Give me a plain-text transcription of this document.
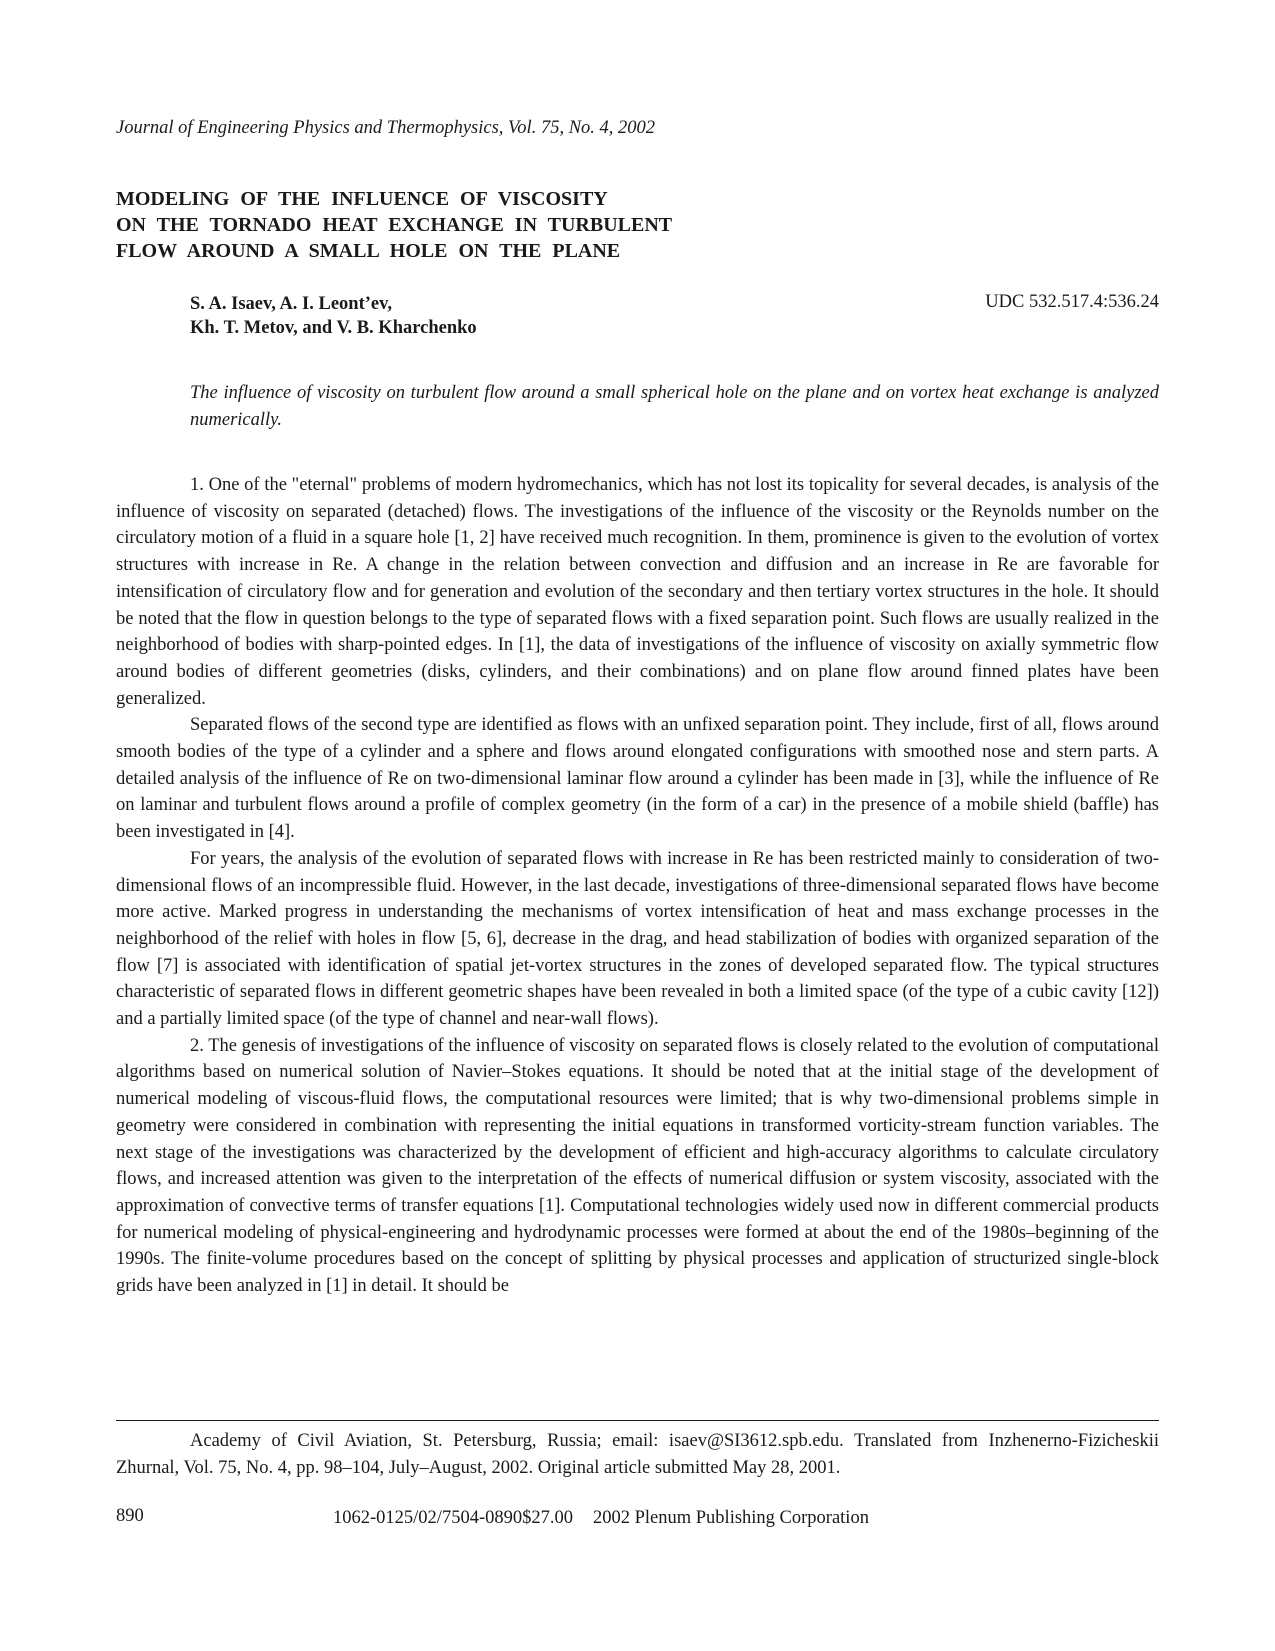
Journal of Engineering Physics and Thermophysics, Vol. 75, No. 4, 2002
MODELING OF THE INFLUENCE OF VISCOSITY
ON THE TORNADO HEAT EXCHANGE IN TURBULENT
FLOW AROUND A SMALL HOLE ON THE PLANE
S. A. Isaev, A. I. Leont’ev,
Kh. T. Metov, and V. B. Kharchenko
UDC 532.517.4:536.24
The influence of viscosity on turbulent flow around a small spherical hole on the plane and on vortex heat exchange is analyzed numerically.

1. One of the "eternal" problems of modern hydromechanics, which has not lost its topicality for several decades, is analysis of the influence of viscosity on separated (detached) flows. The investigations of the influence of the viscosity or the Reynolds number on the circulatory motion of a fluid in a square hole [1, 2] have received much recognition. In them, prominence is given to the evolution of vortex structures with increase in Re. A change in the relation between convection and diffusion and an increase in Re are favorable for intensification of circulatory flow and for generation and evolution of the secondary and then tertiary vortex structures in the hole. It should be noted that the flow in question belongs to the type of separated flows with a fixed separation point. Such flows are usually realized in the neighborhood of bodies with sharp-pointed edges. In [1], the data of investigations of the influence of viscosity on axially symmetric flow around bodies of different geometries (disks, cylinders, and their combinations) and on plane flow around finned plates have been generalized.

Separated flows of the second type are identified as flows with an unfixed separation point. They include, first of all, flows around smooth bodies of the type of a cylinder and a sphere and flows around elongated configurations with smoothed nose and stern parts. A detailed analysis of the influence of Re on two-dimensional laminar flow around a cylinder has been made in [3], while the influence of Re on laminar and turbulent flows around a profile of complex geometry (in the form of a car) in the presence of a mobile shield (baffle) has been investigated in [4].

For years, the analysis of the evolution of separated flows with increase in Re has been restricted mainly to consideration of two-dimensional flows of an incompressible fluid. However, in the last decade, investigations of three-dimensional separated flows have become more active. Marked progress in understanding the mechanisms of vortex intensification of heat and mass exchange processes in the neighborhood of the relief with holes in flow [5, 6], decrease in the drag, and head stabilization of bodies with organized separation of the flow [7] is associated with identification of spatial jet-vortex structures in the zones of developed separated flow. The typical structures characteristic of separated flows in different geometric shapes have been revealed in both a limited space (of the type of a cubic cavity [12]) and a partially limited space (of the type of channel and near-wall flows).

2. The genesis of investigations of the influence of viscosity on separated flows is closely related to the evolution of computational algorithms based on numerical solution of Navier–Stokes equations. It should be noted that at the initial stage of the development of numerical modeling of viscous-fluid flows, the computational resources were limited; that is why two-dimensional problems simple in geometry were considered in combination with representing the initial equations in transformed vorticity-stream function variables. The next stage of the investigations was characterized by the development of efficient and high-accuracy algorithms to calculate circulatory flows, and increased attention was given to the interpretation of the effects of numerical diffusion or system viscosity, associated with the approximation of convective terms of transfer equations [1]. Computational technologies widely used now in different commercial products for numerical modeling of physical-engineering and hydrodynamic processes were formed at about the end of the 1980s–beginning of the 1990s. The finite-volume procedures based on the concept of splitting by physical processes and application of structurized single-block grids have been analyzed in [1] in detail. It should be

Academy of Civil Aviation, St. Petersburg, Russia; email: isaev@SI3612.spb.edu. Translated from Inzhenerno-Fizicheskii Zhurnal, Vol. 75, No. 4, pp. 98–104, July–August, 2002. Original article submitted May 28, 2001.

890	1062-0125/02/7504-0890$27.00 2002 Plenum Publishing Corporation
